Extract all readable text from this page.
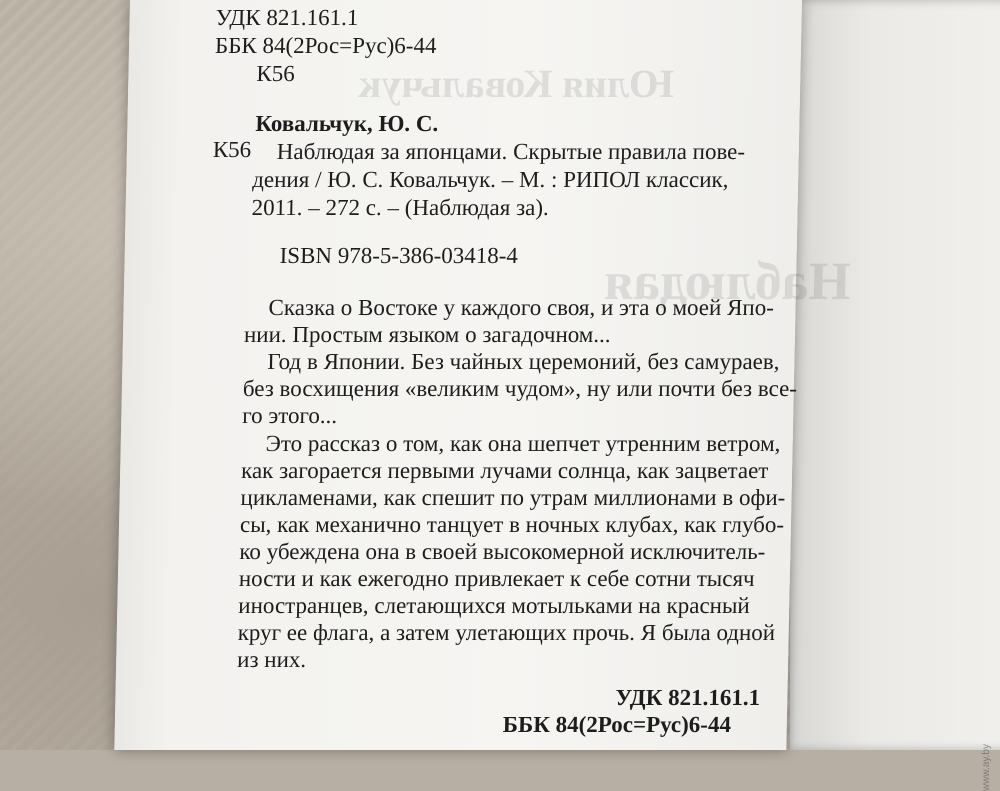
Юлия Ковальчук
Наблюдая
УДК 821.161.1
ББК 84(2Рос=Рус)6-44
К56
Ковальчук, Ю. С.
К56 Наблюдая за японцами. Скрытые правила пове-
дения / Ю. С. Ковальчук. – М. : РИПОЛ классик,
2011. – 272 с. – (Наблюдая за).
ISBN 978-5-386-03418-4
Сказка о Востоке у каждого своя, и эта о моей Япо-
нии. Простым языком о загадочном...
Год в Японии. Без чайных церемоний, без самураев,
без восхищения «великим чудом», ну или почти без все-
го этого...
Это рассказ о том, как она шепчет утренним ветром,
как загорается первыми лучами солнца, как зацветает
цикламенами, как спешит по утрам миллионами в офи-
сы, как механично танцует в ночных клубах, как глубо-
ко убеждена она в своей высокомерной исключитель-
ности и как ежегодно привлекает к себе сотни тысяч
иностранцев, слетающихся мотыльками на красный
круг ее флага, а затем улетающих прочь. Я была одной
из них.
УДК 821.161.1
ББК 84(2Рос=Рус)6-44
www.ay.by
